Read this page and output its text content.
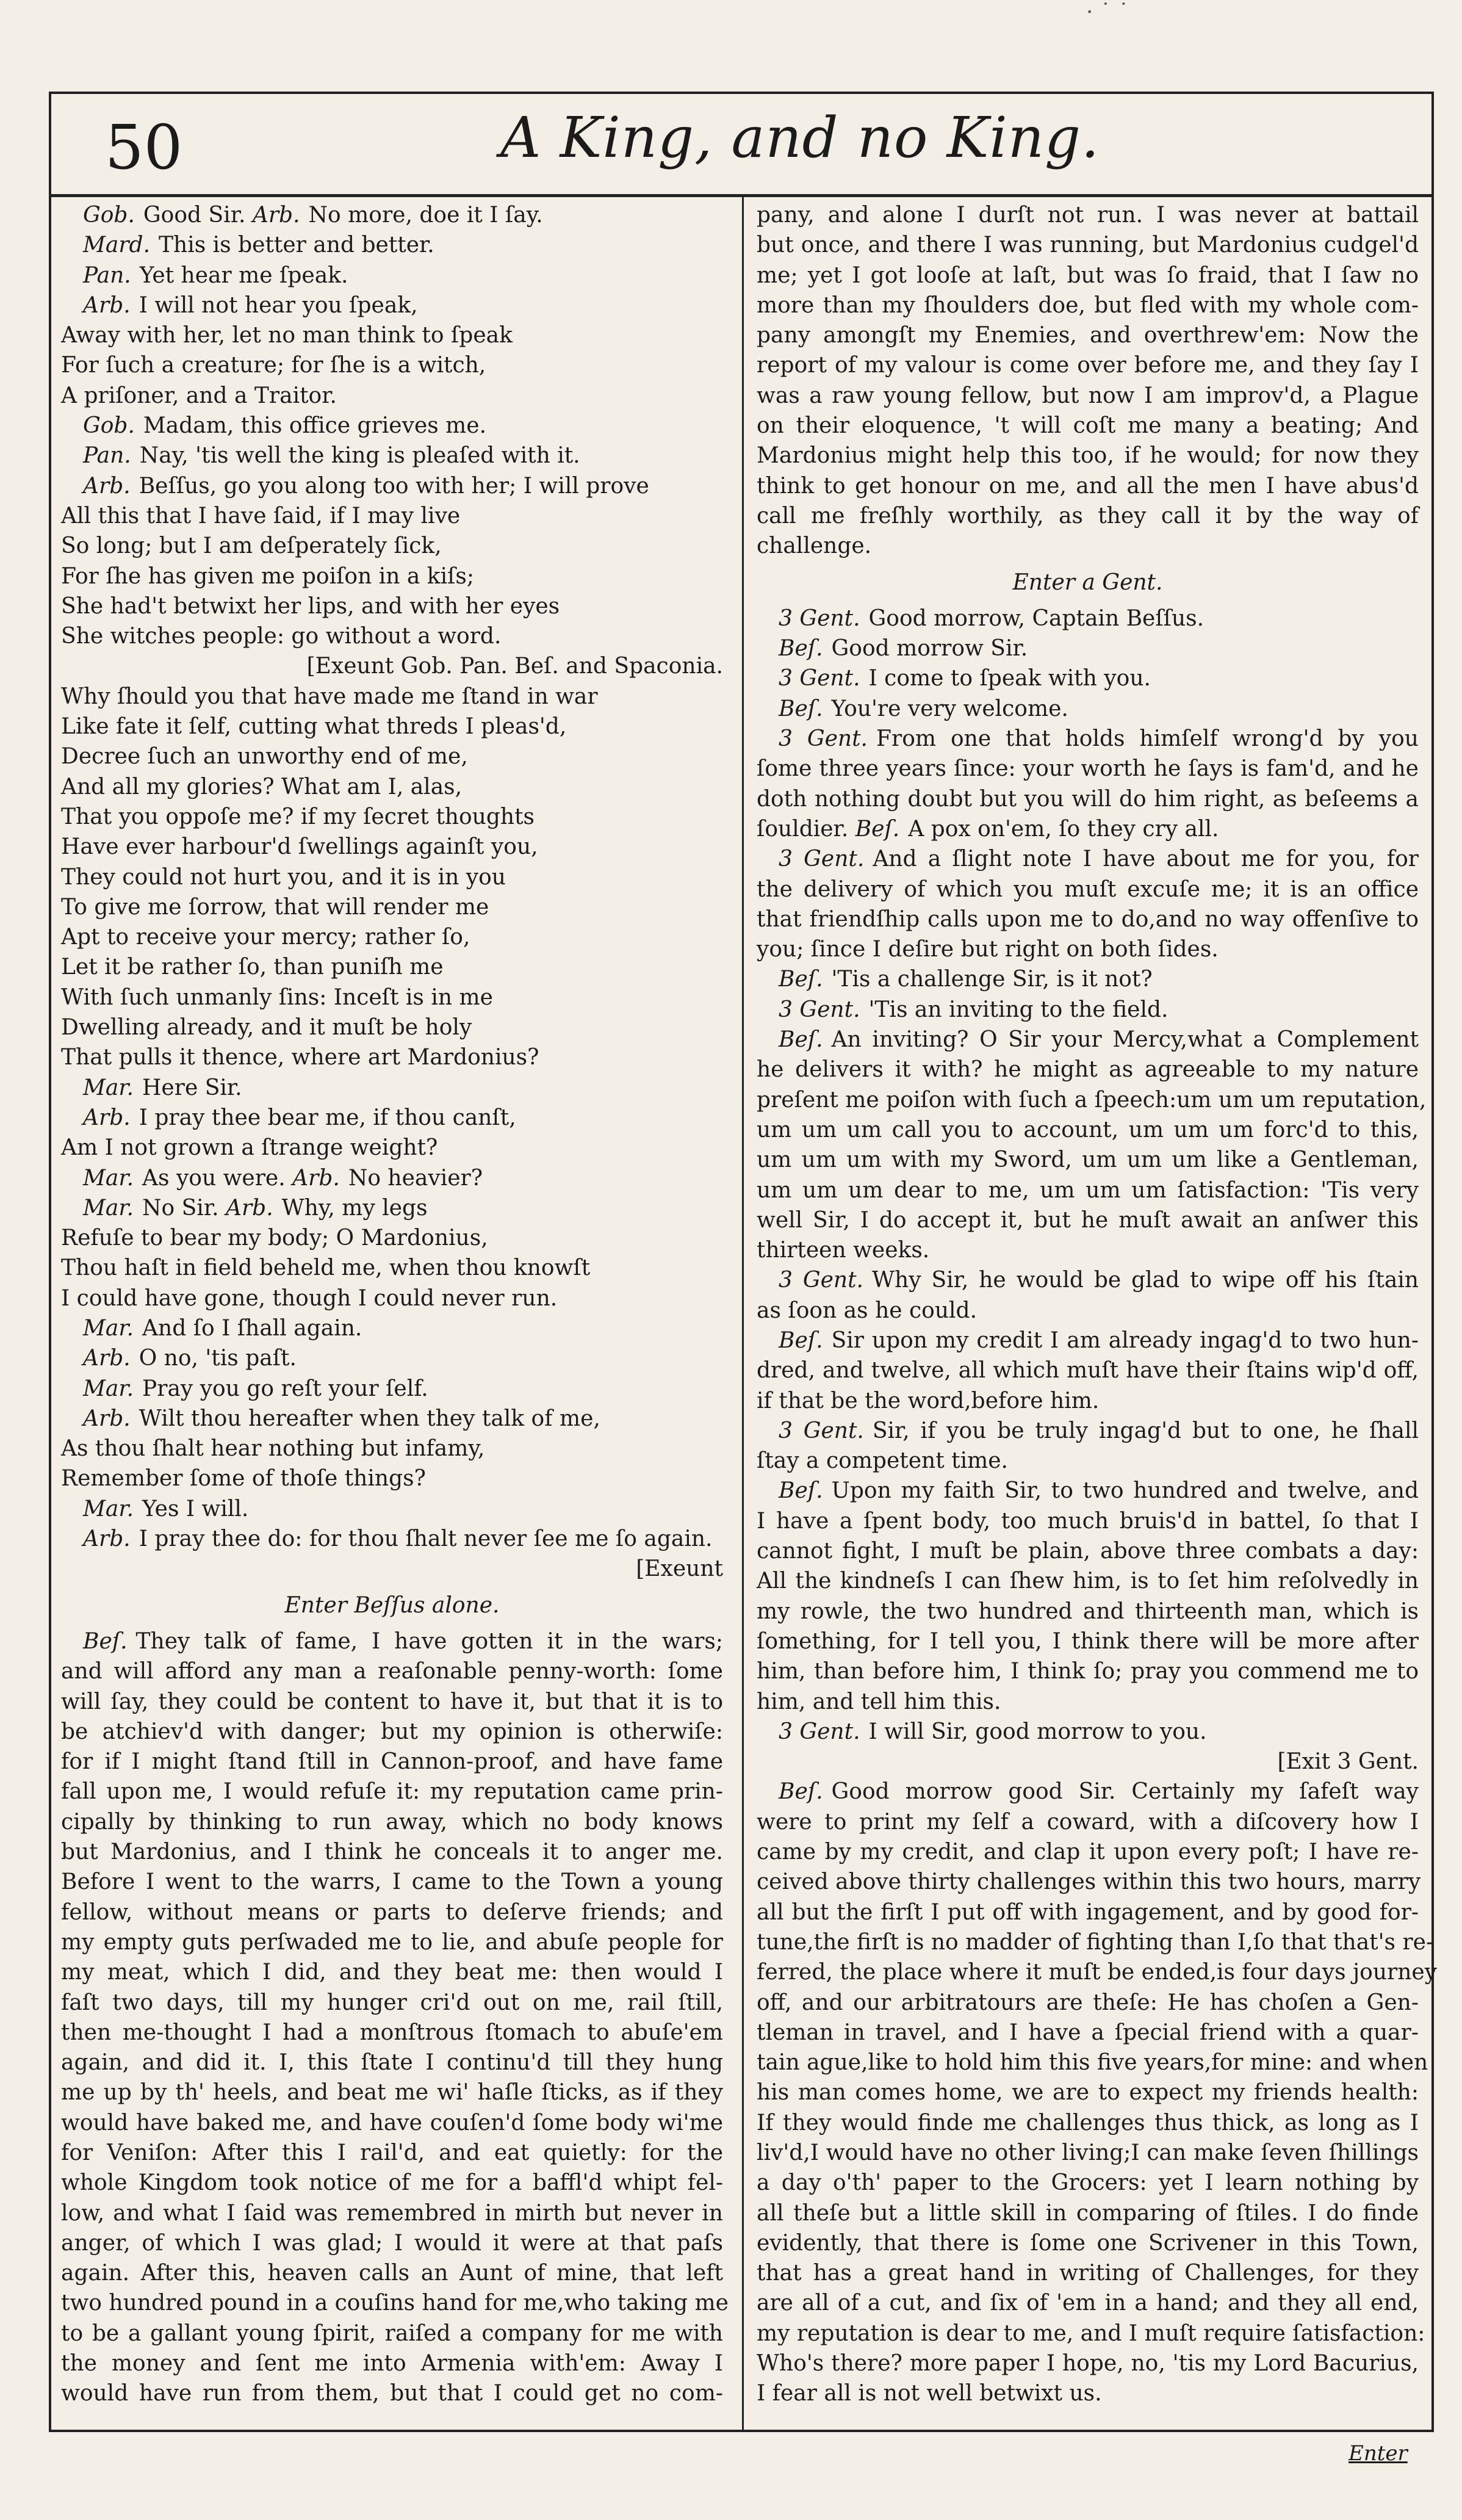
· ˙ ˙
50	A King, and no King.
Gob. Good Sir. Arb. No more, doe it I ſay.
Mard. This is better and better.
Pan. Yet hear me ſpeak.
Arb. I will not hear you ſpeak,
Away with her, let no man think to ſpeak
For ſuch a creature; for ſhe is a witch,
A priſoner, and a Traitor.
Gob. Madam, this office grieves me.
Pan. Nay, 'tis well the king is pleaſed with it.
Arb. Beſſus, go you along too with her; I will prove
All this that I have ſaid, if I may live
So long; but I am deſperately ſick,
For ſhe has given me poiſon in a kiſs;
She had't betwixt her lips, and with her eyes
She witches people: go without a word.
[Exeunt Gob. Pan. Beſ. and Spaconia.
Why ſhould you that have made me ſtand in war
Like fate it ſelf, cutting what threds I pleas'd,
Decree ſuch an unworthy end of me,
And all my glories? What am I, alas,
That you oppoſe me? if my ſecret thoughts
Have ever harbour'd ſwellings againſt you,
They could not hurt you, and it is in you
To give me ſorrow, that will render me
Apt to receive your mercy; rather ſo,
Let it be rather ſo, than puniſh me
With ſuch unmanly ſins: Inceſt is in me
Dwelling already, and it muſt be holy
That pulls it thence, where art Mardonius?
Mar. Here Sir.
Arb. I pray thee bear me, if thou canſt,
Am I not grown a ſtrange weight?
Mar. As you were. Arb. No heavier?
Mar. No Sir. Arb. Why, my legs
Refuſe to bear my body; O Mardonius,
Thou haſt in field beheld me, when thou knowſt
I could have gone, though I could never run.
Mar. And ſo I ſhall again.
Arb. O no, 'tis paſt.
Mar. Pray you go reſt your ſelf.
Arb. Wilt thou hereafter when they talk of me,
As thou ſhalt hear nothing but infamy,
Remember ſome of thoſe things?
Mar. Yes I will.
Arb. I pray thee do: for thou ſhalt never ſee me ſo again.
[Exeunt
Enter Beſſus alone.
Beſ. They talk of fame, I have gotten it in the wars;
and will afford any man a reaſonable penny-worth: ſome
will ſay, they could be content to have it, but that it is to
be atchiev'd with danger; but my opinion is otherwiſe:
for if I might ſtand ſtill in Cannon-proof, and have fame
fall upon me, I would refuſe it: my reputation came prin-
cipally by thinking to run away, which no body knows
but Mardonius, and I think he conceals it to anger me.
Before I went to the warrs, I came to the Town a young
fellow, without means or parts to deſerve friends; and
my empty guts perſwaded me to lie, and abuſe people for
my meat, which I did, and they beat me: then would I
faſt two days, till my hunger cri'd out on me, rail ſtill,
then me-thought I had a monſtrous ſtomach to abuſe'em
again, and did it. I, this ſtate I continu'd till they hung
me up by th' heels, and beat me wi' haſle ſticks, as if they
would have baked me, and have couſen'd ſome body wi'me
for Veniſon: After this I rail'd, and eat quietly: for the
whole Kingdom took notice of me for a baffl'd whipt fel-
low, and what I ſaid was remembred in mirth but never in
anger, of which I was glad; I would it were at that paſs
again. After this, heaven calls an Aunt of mine, that left
two hundred pound in a couſins hand for me,who taking me
to be a gallant young ſpirit, raiſed a company for me with
the money and ſent me into Armenia with'em: Away I
would have run from them, but that I could get no com-
pany, and alone I durſt not run. I was never at battail
but once, and there I was running, but Mardonius cudgel'd
me; yet I got looſe at laſt, but was ſo fraid, that I ſaw no
more than my ſhoulders doe, but fled with my whole com-
pany amongſt my Enemies, and overthrew'em: Now the
report of my valour is come over before me, and they ſay I
was a raw young fellow, but now I am improv'd, a Plague
on their eloquence, 't will coſt me many a beating; And
Mardonius might help this too, if he would; for now they
think to get honour on me, and all the men I have abus'd
call me freſhly worthily, as they call it by the way of
challenge.
Enter a Gent.
3 Gent. Good morrow, Captain Beſſus.
Beſ. Good morrow Sir.
3 Gent. I come to ſpeak with you.
Beſ. You're very welcome.
3 Gent. From one that holds himſelf wrong'd by you
ſome three years ſince: your worth he ſays is fam'd, and he
doth nothing doubt but you will do him right, as beſeems a
ſouldier. Beſ. A pox on'em, ſo they cry all.
3 Gent. And a ſlight note I have about me for you, for
the delivery of which you muſt excuſe me; it is an office
that friendſhip calls upon me to do,and no way offenſive to
you; ſince I deſire but right on both ſides.
Beſ. 'Tis a challenge Sir, is it not?
3 Gent. 'Tis an inviting to the field.
Beſ. An inviting? O Sir your Mercy,what a Complement
he delivers it with? he might as agreeable to my nature
preſent me poiſon with ſuch a ſpeech:um um um reputation,
um um um call you to account, um um um forc'd to this,
um um um with my Sword, um um um like a Gentleman,
um um um dear to me, um um um ſatisfaction: 'Tis very
well Sir, I do accept it, but he muſt await an anſwer this
thirteen weeks.
3 Gent. Why Sir, he would be glad to wipe off his ſtain
as ſoon as he could.
Beſ. Sir upon my credit I am already ingag'd to two hun-
dred, and twelve, all which muſt have their ſtains wip'd off,
if that be the word,before him.
3 Gent. Sir, if you be truly ingag'd but to one, he ſhall
ſtay a competent time.
Beſ. Upon my faith Sir, to two hundred and twelve, and
I have a ſpent body, too much bruis'd in battel, ſo that I
cannot fight, I muſt be plain, above three combats a day:
All the kindneſs I can ſhew him, is to ſet him reſolvedly in
my rowle, the two hundred and thirteenth man, which is
ſomething, for I tell you, I think there will be more after
him, than before him, I think ſo; pray you commend me to
him, and tell him this.
3 Gent. I will Sir, good morrow to you.
[Exit 3 Gent.
Beſ. Good morrow good Sir. Certainly my ſafeſt way
were to print my ſelf a coward, with a diſcovery how I
came by my credit, and clap it upon every poſt; I have re-
ceived above thirty challenges within this two hours, marry
all but the firſt I put off with ingagement, and by good for-
tune,the firſt is no madder of fighting than I,ſo that that's re-
ferred, the place where it muſt be ended,is four days journey
off, and our arbitratours are theſe: He has choſen a Gen-
tleman in travel, and I have a ſpecial friend with a quar-
tain ague,like to hold him this five years,for mine: and when
his man comes home, we are to expect my friends health:
If they would finde me challenges thus thick, as long as I
liv'd,I would have no other living;I can make ſeven ſhillings
a day o'th' paper to the Grocers: yet I learn nothing by
all theſe but a little skill in comparing of ſtiles. I do finde
evidently, that there is ſome one Scrivener in this Town,
that has a great hand in writing of Challenges, for they
are all of a cut, and ſix of 'em in a hand; and they all end,
my reputation is dear to me, and I muſt require ſatisfaction:
Who's there? more paper I hope, no, 'tis my Lord Bacurius,
I fear all is not well betwixt us.
Enter
